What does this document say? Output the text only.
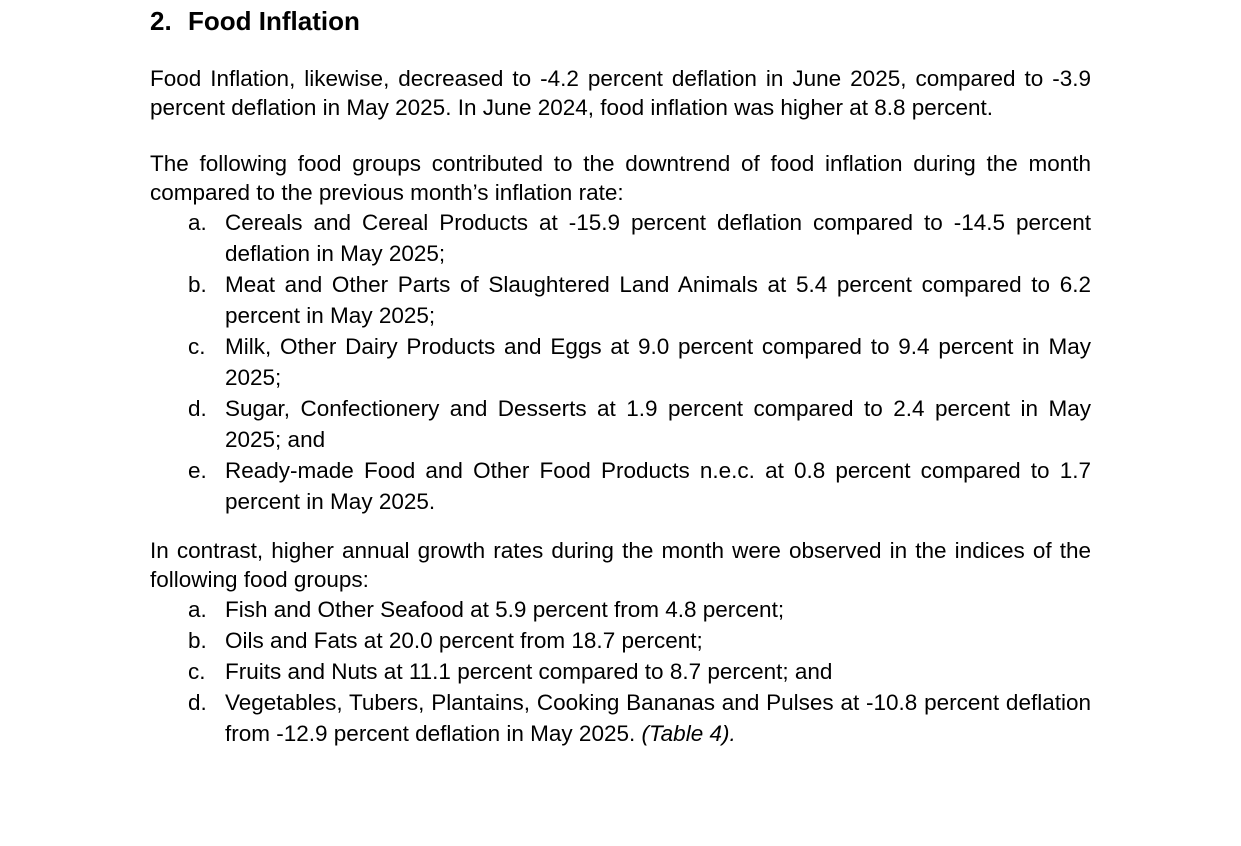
2. Food Inflation

Food Inflation, likewise, decreased to -4.2 percent deflation in June 2025, compared to -3.9 percent deflation in May 2025. In June 2024, food inflation was higher at 8.8 percent.

The following food groups contributed to the downtrend of food inflation during the month compared to the previous month’s inflation rate:

a. Cereals and Cereal Products at -15.9 percent deflation compared to -14.5 percent deflation in May 2025;
b. Meat and Other Parts of Slaughtered Land Animals at 5.4 percent compared to 6.2 percent in May 2025;
c. Milk, Other Dairy Products and Eggs at 9.0 percent compared to 9.4 percent in May 2025;
d. Sugar, Confectionery and Desserts at 1.9 percent compared to 2.4 percent in May 2025; and
e. Ready-made Food and Other Food Products n.e.c. at 0.8 percent compared to 1.7 percent in May 2025.

In contrast, higher annual growth rates during the month were observed in the indices of the following food groups:

a. Fish and Other Seafood at 5.9 percent from 4.8 percent;
b. Oils and Fats at 20.0 percent from 18.7 percent;
c. Fruits and Nuts at 11.1 percent compared to 8.7 percent; and
d. Vegetables, Tubers, Plantains, Cooking Bananas and Pulses at -10.8 percent deflation from -12.9 percent deflation in May 2025. (Table 4).
